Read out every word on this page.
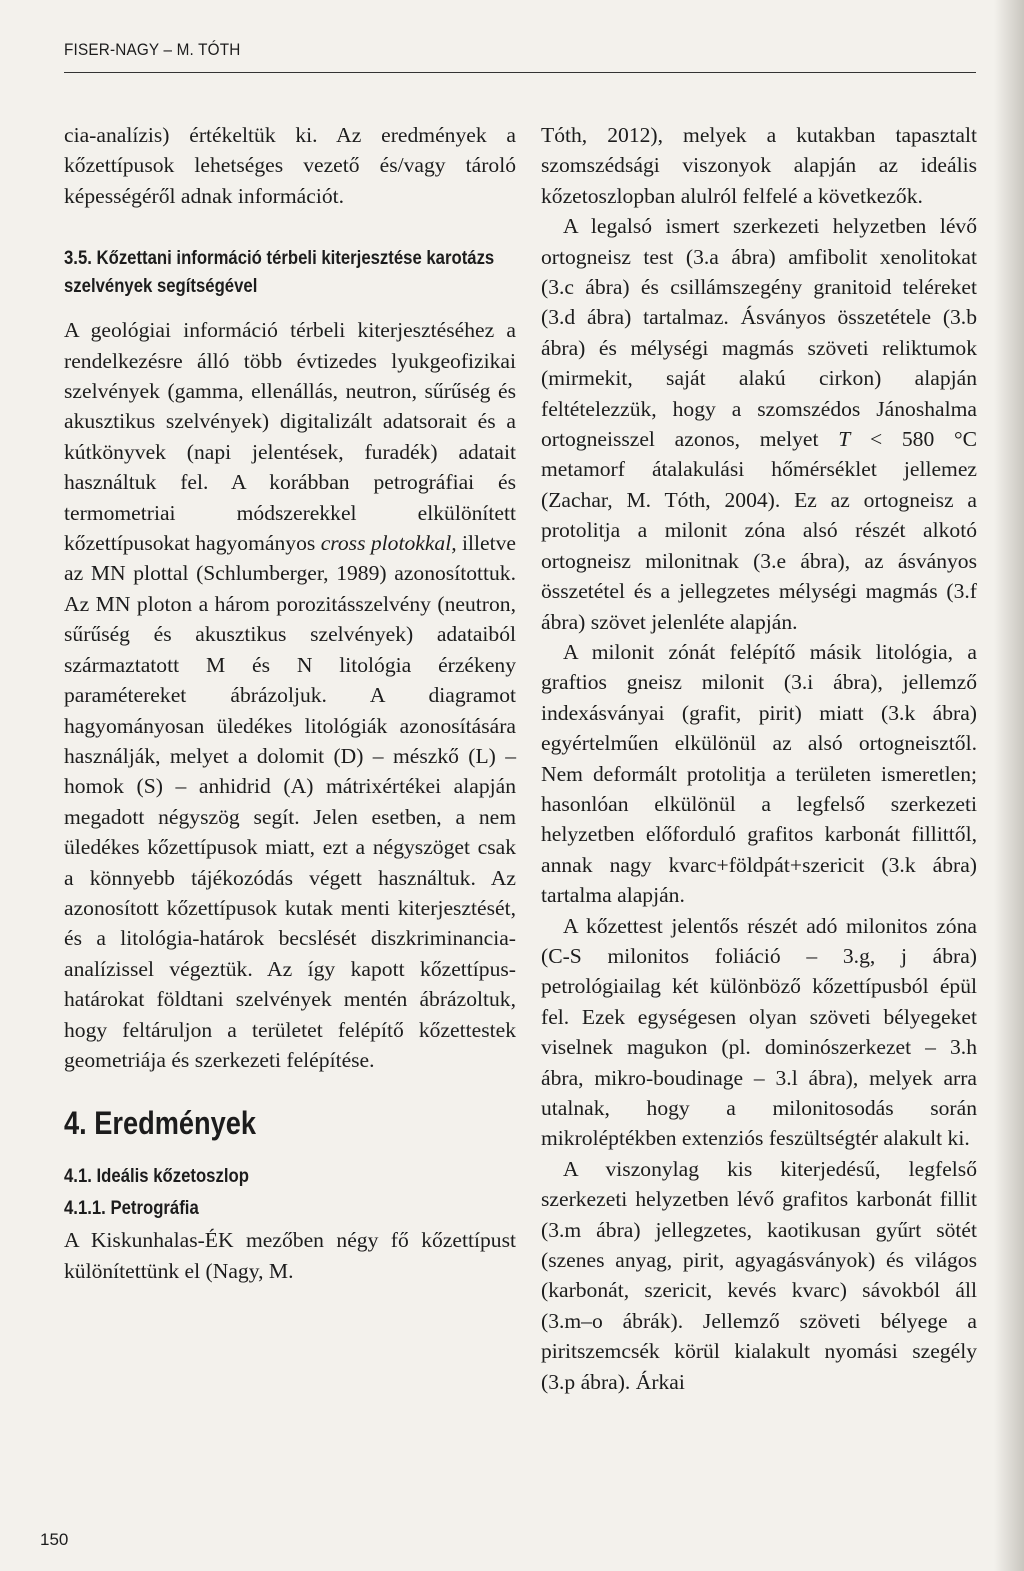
FISER-NAGY – M. TÓTH

cia-analízis) értékeltük ki. Az eredmények a kőzettípusok lehetséges vezető és/vagy tároló képességéről adnak információt.

3.5. Kőzettani információ térbeli kiterjesztése karotázs szelvények segítségével

A geológiai információ térbeli kiterjesztéséhez a rendelkezésre álló több évtizedes lyukgeofizikai szelvények (gamma, ellenállás, neutron, sűrűség és akusztikus szelvények) digitalizált adatsorait és a kútkönyvek (napi jelentések, furadék) adatait használtuk fel. A korábban petrográfiai és termometriai módszerekkel elkülönített kőzettípusokat hagyományos cross plotokkal, illetve az MN plottal (Schlumberger, 1989) azonosítottuk. Az MN ploton a három porozitásszelvény (neutron, sűrűség és akusztikus szelvények) adataiból származtatott M és N litológia érzékeny paramétereket ábrázoljuk. A diagramot hagyományosan üledékes litológiák azonosítására használják, melyet a dolomit (D) – mészkő (L) – homok (S) – anhidrid (A) mátrixértékei alapján megadott négyszög segít. Jelen esetben, a nem üledékes kőzettípusok miatt, ezt a négyszöget csak a könnyebb tájékozódás végett használtuk. Az azonosított kőzettípusok kutak menti kiterjesztését, és a litológia-határok becslését diszkriminancia-analízissel végeztük. Az így kapott kőzettípus-határokat földtani szelvények mentén ábrázoltuk, hogy feltáruljon a területet felépítő kőzettestek geometriája és szerkezeti felépítése.

4. Eredmények
4.1. Ideális kőzetoszlop
4.1.1. Petrográfia

A Kiskunhalas-ÉK mezőben négy fő kőzettípust különítettünk el (Nagy, M.

Tóth, 2012), melyek a kutakban tapasztalt szomszédsági viszonyok alapján az ideális kőzetoszlopban alulról felfelé a következők.

A legalsó ismert szerkezeti helyzetben lévő ortogneisz test (3.a ábra) amfibolit xenolitokat (3.c ábra) és csillámszegény granitoid teléreket (3.d ábra) tartalmaz. Ásványos összetétele (3.b ábra) és mélységi magmás szöveti reliktumok (mirmekit, saját alakú cirkon) alapján feltételezzük, hogy a szomszédos Jánoshalma ortogneisszel azonos, melyet T < 580 °C metamorf átalakulási hőmérséklet jellemez (Zachar, M. Tóth, 2004). Ez az ortogneisz a protolitja a milonit zóna alsó részét alkotó ortogneisz milonitnak (3.e ábra), az ásványos összetétel és a jellegzetes mélységi magmás (3.f ábra) szövet jelenléte alapján.

A milonit zónát felépítő másik litológia, a graftios gneisz milonit (3.i ábra), jellemző indexásványai (grafit, pirit) miatt (3.k ábra) egyértelműen elkülönül az alsó ortogneisztől. Nem deformált protolitja a területen ismeretlen; hasonlóan elkülönül a legfelső szerkezeti helyzetben előforduló grafitos karbonát fillittől, annak nagy kvarc+földpát+szericit (3.k ábra) tartalma alapján.

A kőzettest jelentős részét adó milonitos zóna (C-S milonitos foliáció – 3.g, j ábra) petrológiailag két különböző kőzettípusból épül fel. Ezek egységesen olyan szöveti bélyegeket viselnek magukon (pl. dominószerkezet – 3.h ábra, mikro-boudinage – 3.l ábra), melyek arra utalnak, hogy a milonitosodás során mikroléptékben extenziós feszültségtér alakult ki.

A viszonylag kis kiterjedésű, legfelső szerkezeti helyzetben lévő grafitos karbonát fillit (3.m ábra) jellegzetes, kaotikusan gyűrt sötét (szenes anyag, pirit, agyagásványok) és világos (karbonát, szericit, kevés kvarc) sávokból áll (3.m–o ábrák). Jellemző szöveti bélyege a piritszemcsék körül kialakult nyomási szegély (3.p ábra). Árkai

150
